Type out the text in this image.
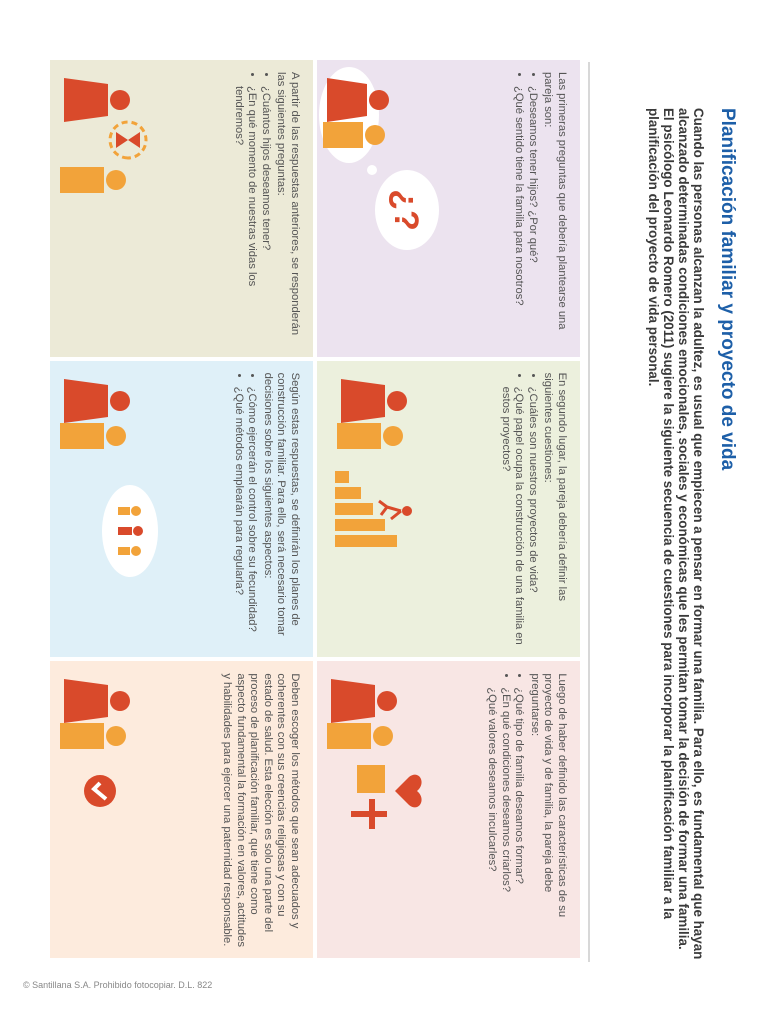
Planificación familiar y proyecto de vida

Cuando las personas alcanzan la adultez, es usual que empiecen a pensar en formar una familia. Para ello, es fundamental que hayan alcanzado determinadas condiciones emocionales, sociales y económicas que les permitan tomar la decisión de formar una familia.
El psicólogo Leonardo Romero (2011) sugiere la siguiente secuencia de cuestiones para incorporar la planificación familiar a la planificación del proyecto de vida personal.

Las primeras preguntas que debería plantearse una pareja son:

• ¿Deseamos tener hijos? ¿Por qué?
• ¿Qué sentido tiene la familia para nosotros?
¿?

En segundo lugar, la pareja debería definir las siguientes cuestiones:

• ¿Cuáles son nuestros proyectos de vida?
• ¿Qué papel ocupa la construcción de una familia en estos proyectos?

Luego de haber definido las características de su proyecto de vida y de familia, la pareja debe preguntarse:

• ¿Qué tipo de familia deseamos formar?
• ¿En qué condiciones deseamos criarlos?
¿Qué valores deseamos inculcarles?

A partir de las respuestas anteriores, se responderán las siguientes preguntas:

• ¿Cuántos hijos deseamos tener?
• ¿En qué momento de nuestras vidas los tendremos?

Según estas respuestas, se definirán los planes de construcción familiar. Para ello, será necesario tomar decisiones sobre los siguientes aspectos:

• ¿Cómo ejercerán el control sobre su fecundidad?
• ¿Qué métodos emplearán para regularla?

Deben escoger los métodos que sean adecuados y coherentes con sus creencias religiosas y con su estado de salud. Esta elección es solo una parte del proceso de planificación familiar, que tiene como aspecto fundamental la formación en valores, actitudes y habilidades para ejercer una paternidad responsable.

© Santillana S.A. Prohibido fotocopiar. D.L. 822
